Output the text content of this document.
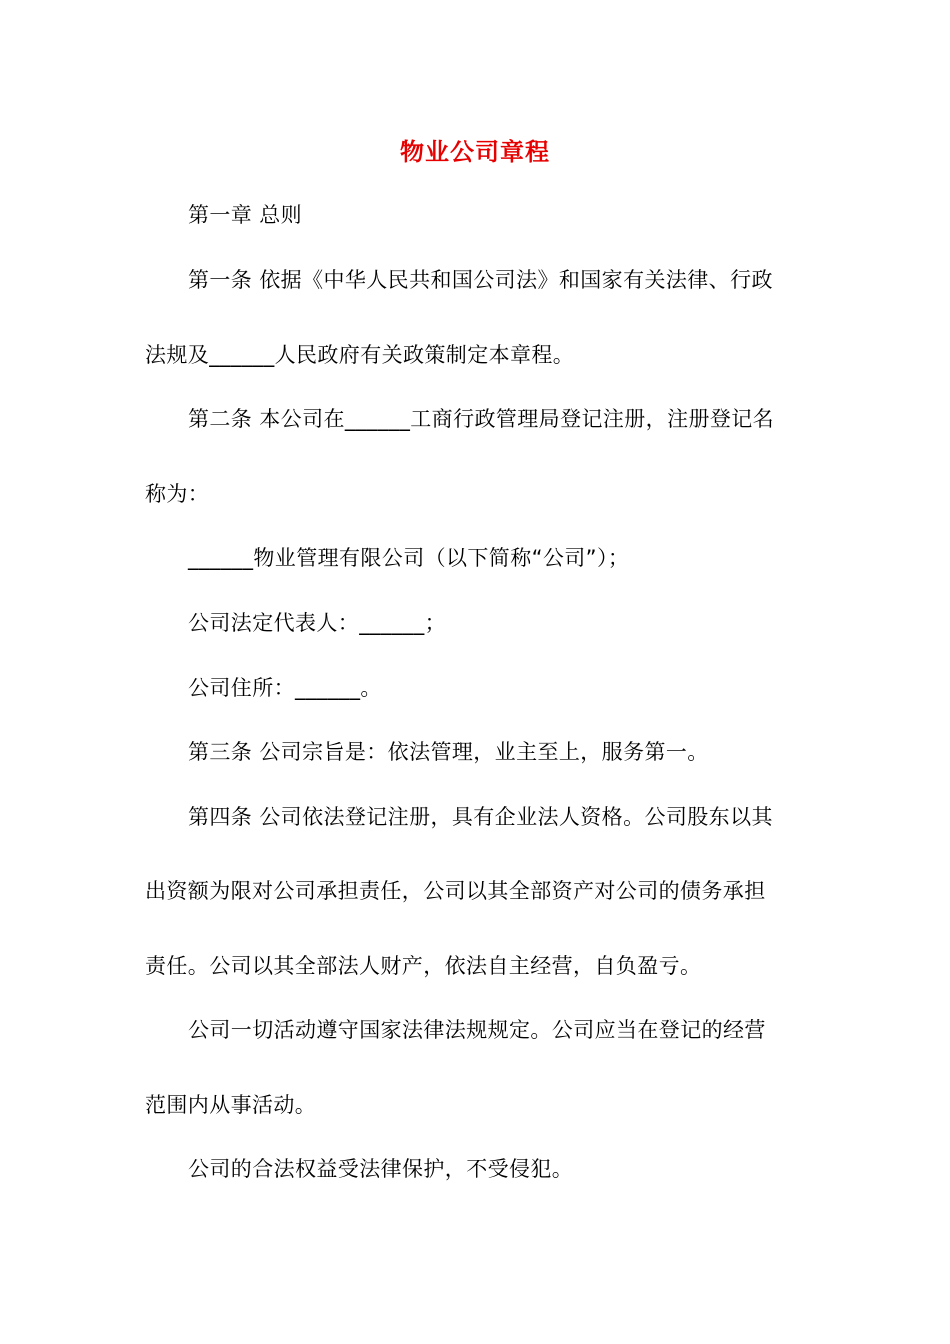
物业公司章程
第一章 总则
第一条 依据《中华人民共和国公司法》和国家有关法律、行政
法规及______人民政府有关政策制定本章程。
第二条 本公司在______工商行政管理局登记注册，注册登记名
称为：
______物业管理有限公司（以下简称“公司”）；
公司法定代表人：______；
公司住所：______。
第三条 公司宗旨是：依法管理，业主至上，服务第一。
第四条 公司依法登记注册，具有企业法人资格。公司股东以其
出资额为限对公司承担责任，公司以其全部资产对公司的债务承担
责任。公司以其全部法人财产，依法自主经营，自负盈亏。
公司一切活动遵守国家法律法规规定。公司应当在登记的经营
范围内从事活动。
公司的合法权益受法律保护，不受侵犯。
